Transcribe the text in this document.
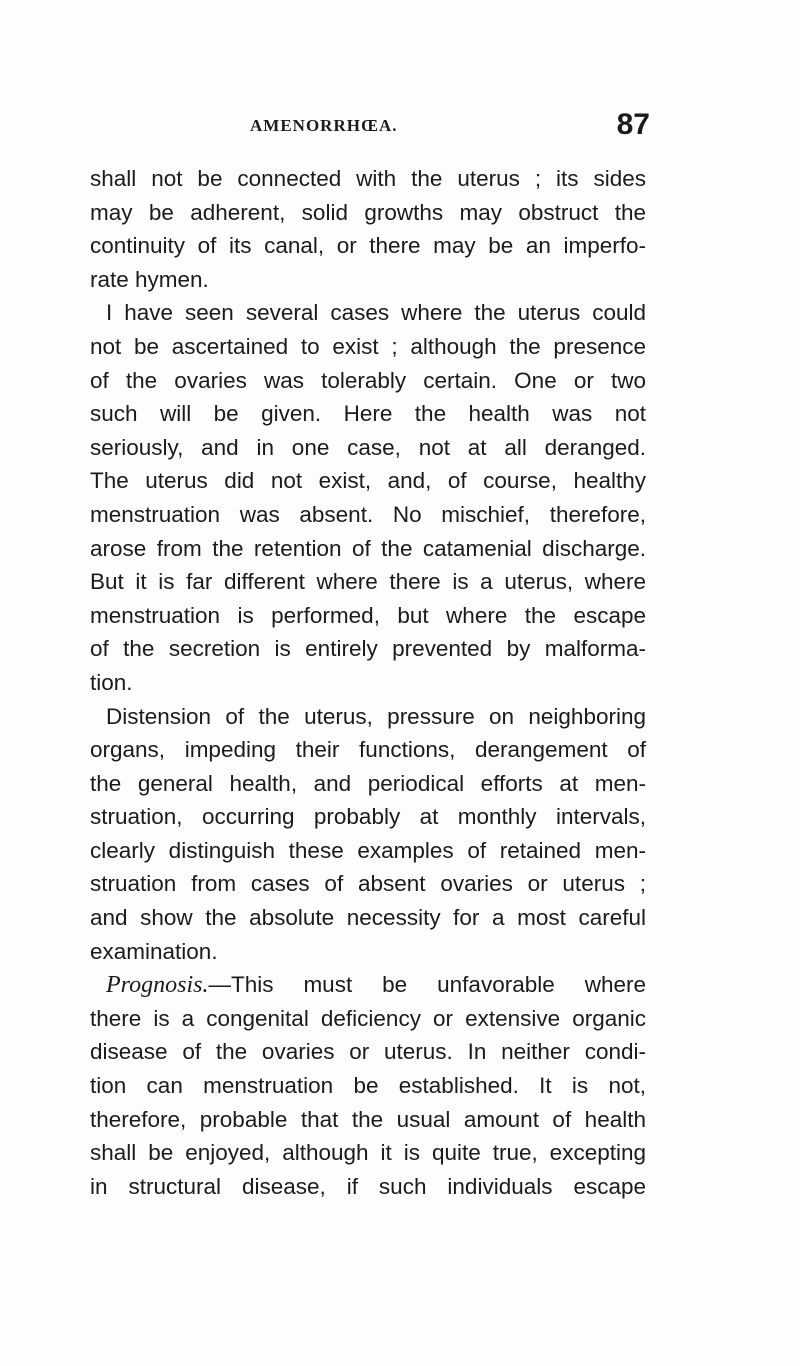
AMENORRHŒA.	87
shall not be connected with the uterus ; its sides
may be adherent, solid growths may obstruct the
continuity of its canal, or there may be an imperfo-
rate hymen.
I have seen several cases where the uterus could
not be ascertained to exist ; although the presence
of the ovaries was tolerably certain. One or two
such will be given. Here the health was not
seriously, and in one case, not at all deranged.
The uterus did not exist, and, of course, healthy
menstruation was absent. No mischief, therefore,
arose from the retention of the catamenial discharge.
But it is far different where there is a uterus, where
menstruation is performed, but where the escape
of the secretion is entirely prevented by malforma-
tion.
Distension of the uterus, pressure on neighboring
organs, impeding their functions, derangement of
the general health, and periodical efforts at men-
struation, occurring probably at monthly intervals,
clearly distinguish these examples of retained men-
struation from cases of absent ovaries or uterus ;
and show the absolute necessity for a most careful
examination.
Prognosis.—This must be unfavorable where
there is a congenital deficiency or extensive organic
disease of the ovaries or uterus. In neither condi-
tion can menstruation be established. It is not,
therefore, probable that the usual amount of health
shall be enjoyed, although it is quite true, excepting
in structural disease, if such individuals escape
